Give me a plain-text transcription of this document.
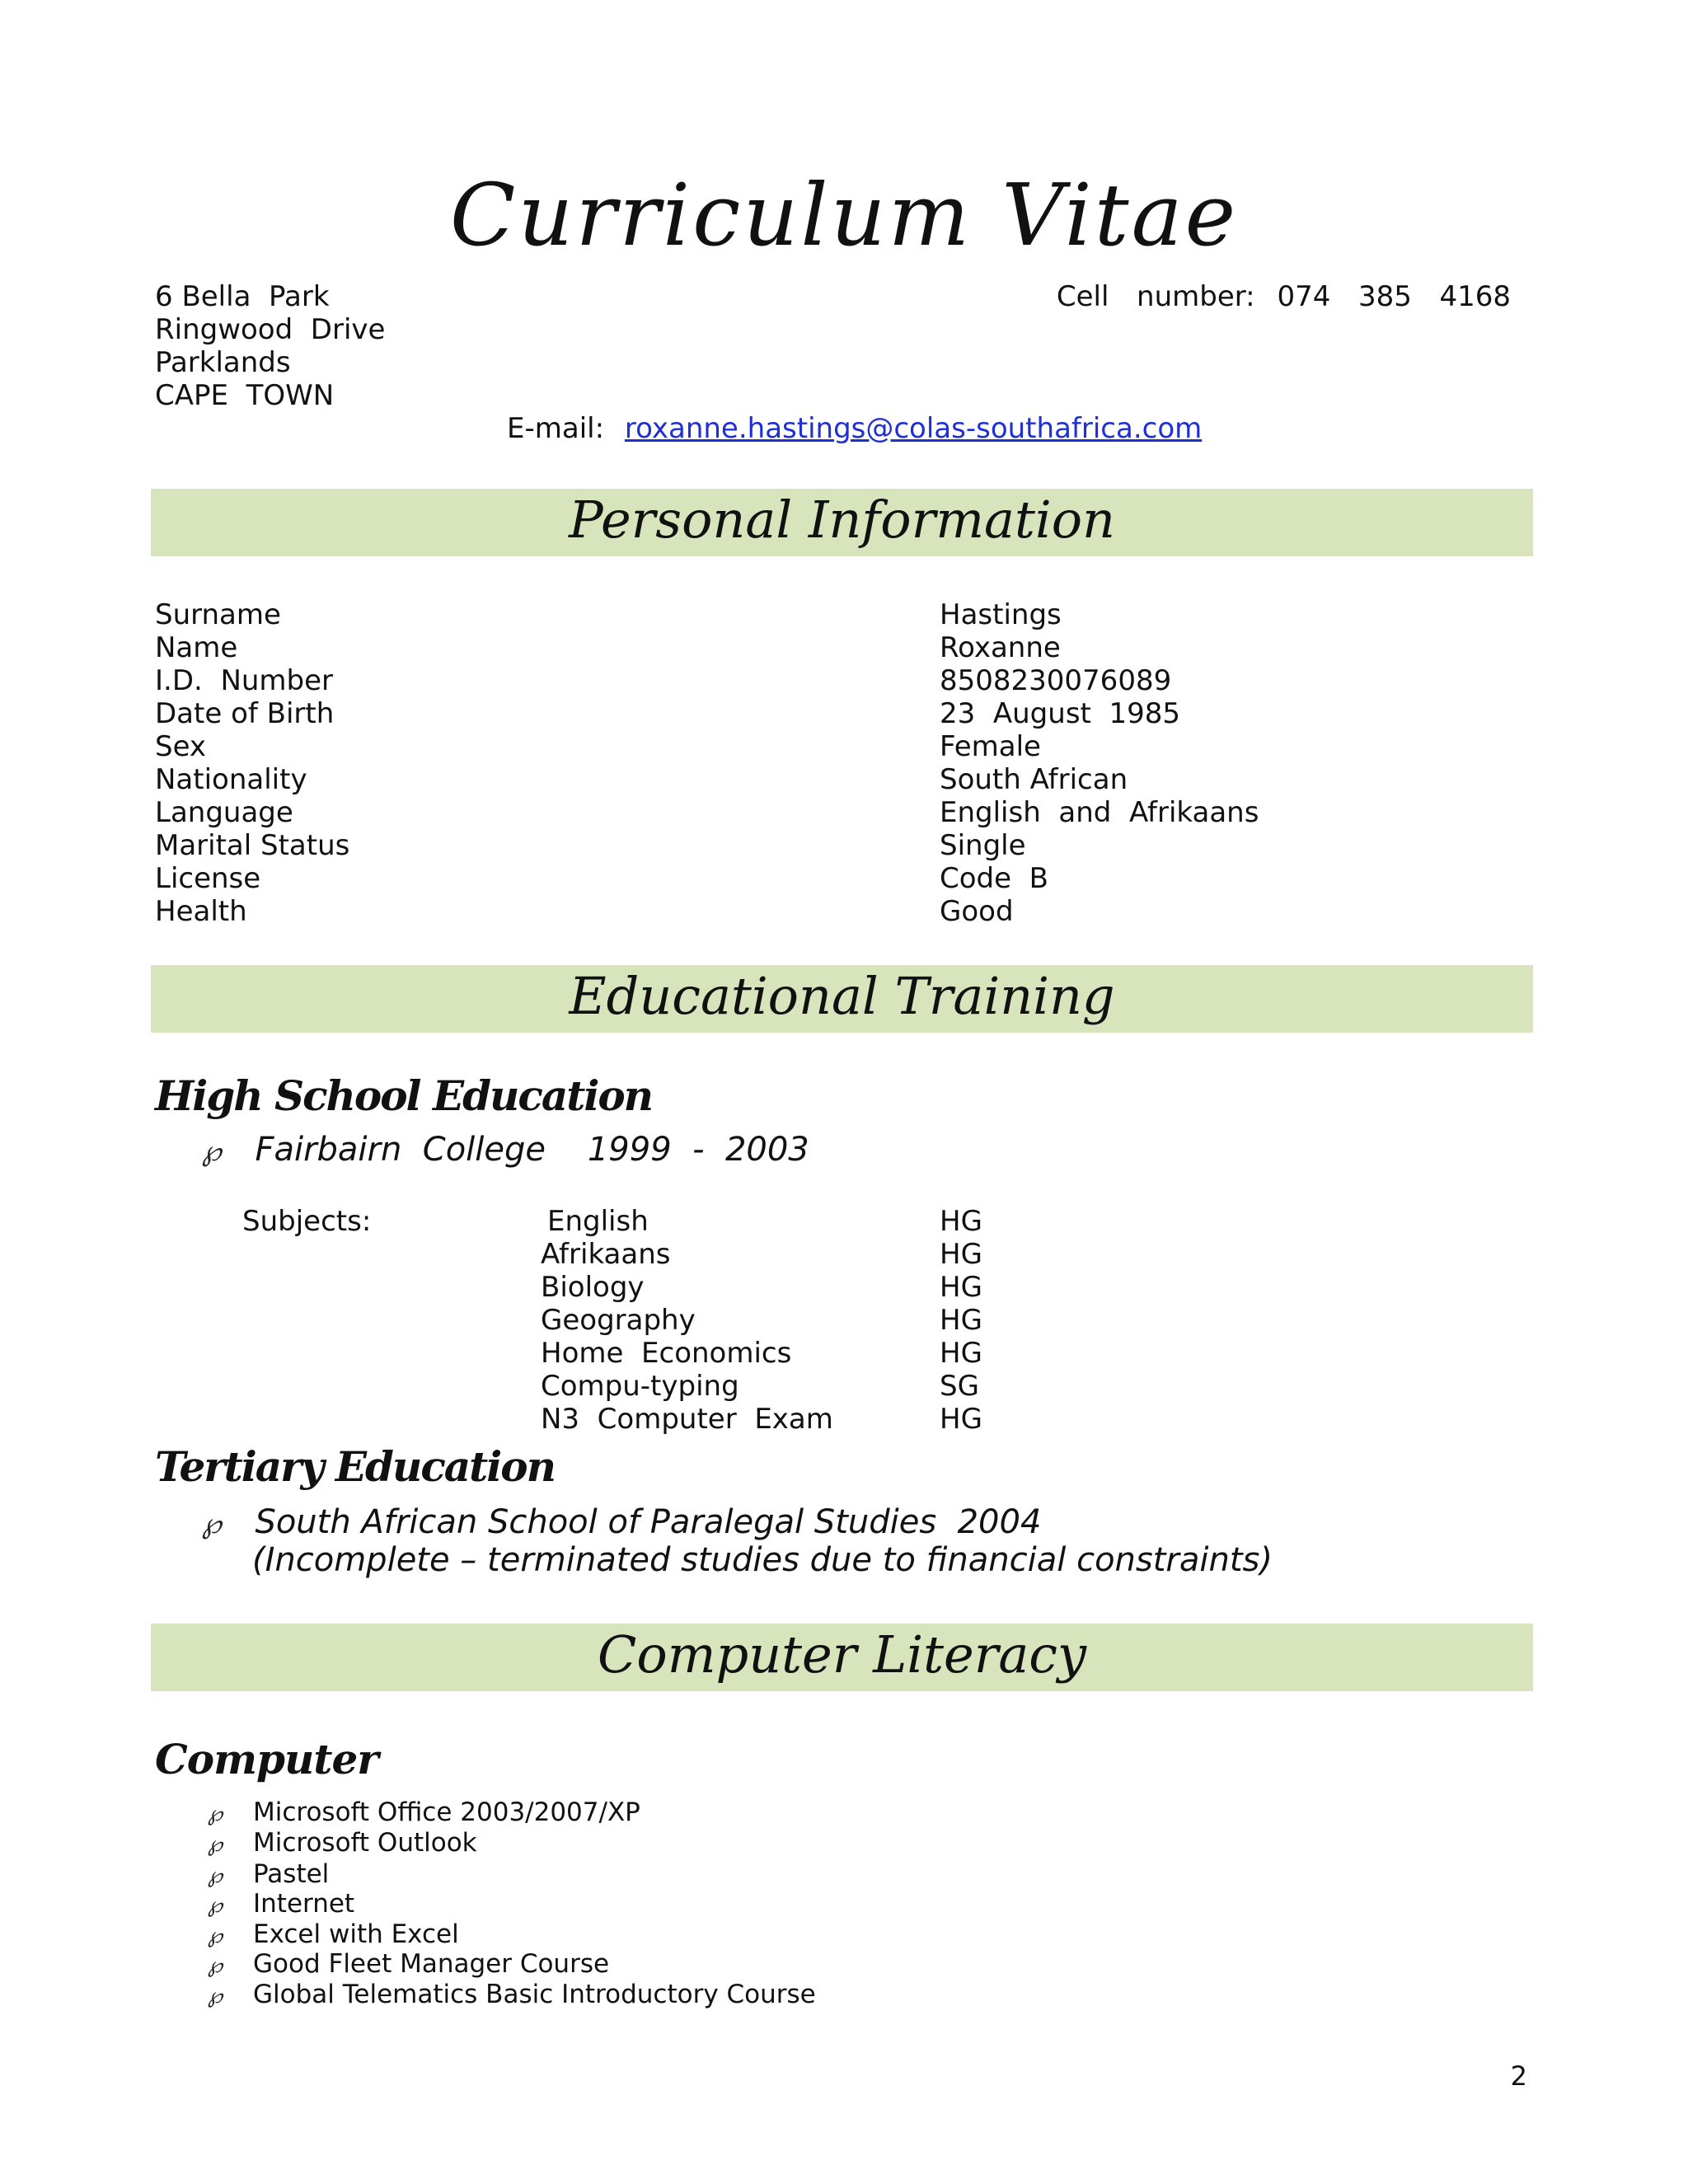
Curriculum Vitae
6 Bella  Park
Ringwood  Drive
Parklands
CAPE  TOWN
Cell  number: 074  385  4168
E-mail: roxanne.hastings@colas-southafrica.com
Personal Information
Surname
Name
I.D.  Number
Date of Birth
Sex
Nationality
Language
Marital Status
License
Health
Hastings
Roxanne
8508230076089
23  August  1985
Female
South African
English  and  Afrikaans
Single
Code  B
Good
Educational Training
High School Education
℘ Fairbairn  College    1999  -  2003
Subjects:	English
Afrikaans
Biology
Geography
Home  Economics
Compu-typing
N3  Computer  Exam
HG
HG
HG
HG
HG
SG
HG
Tertiary Education
℘ South African School of Paralegal Studies  2004
(Incomplete – terminated studies due to financial constraints)
Computer Literacy
Computer
℘ Microsoft Office 2003/2007/XP
℘ Microsoft Outlook
℘ Pastel
℘ Internet
℘ Excel with Excel
℘ Good Fleet Manager Course
℘ Global Telematics Basic Introductory Course
2
